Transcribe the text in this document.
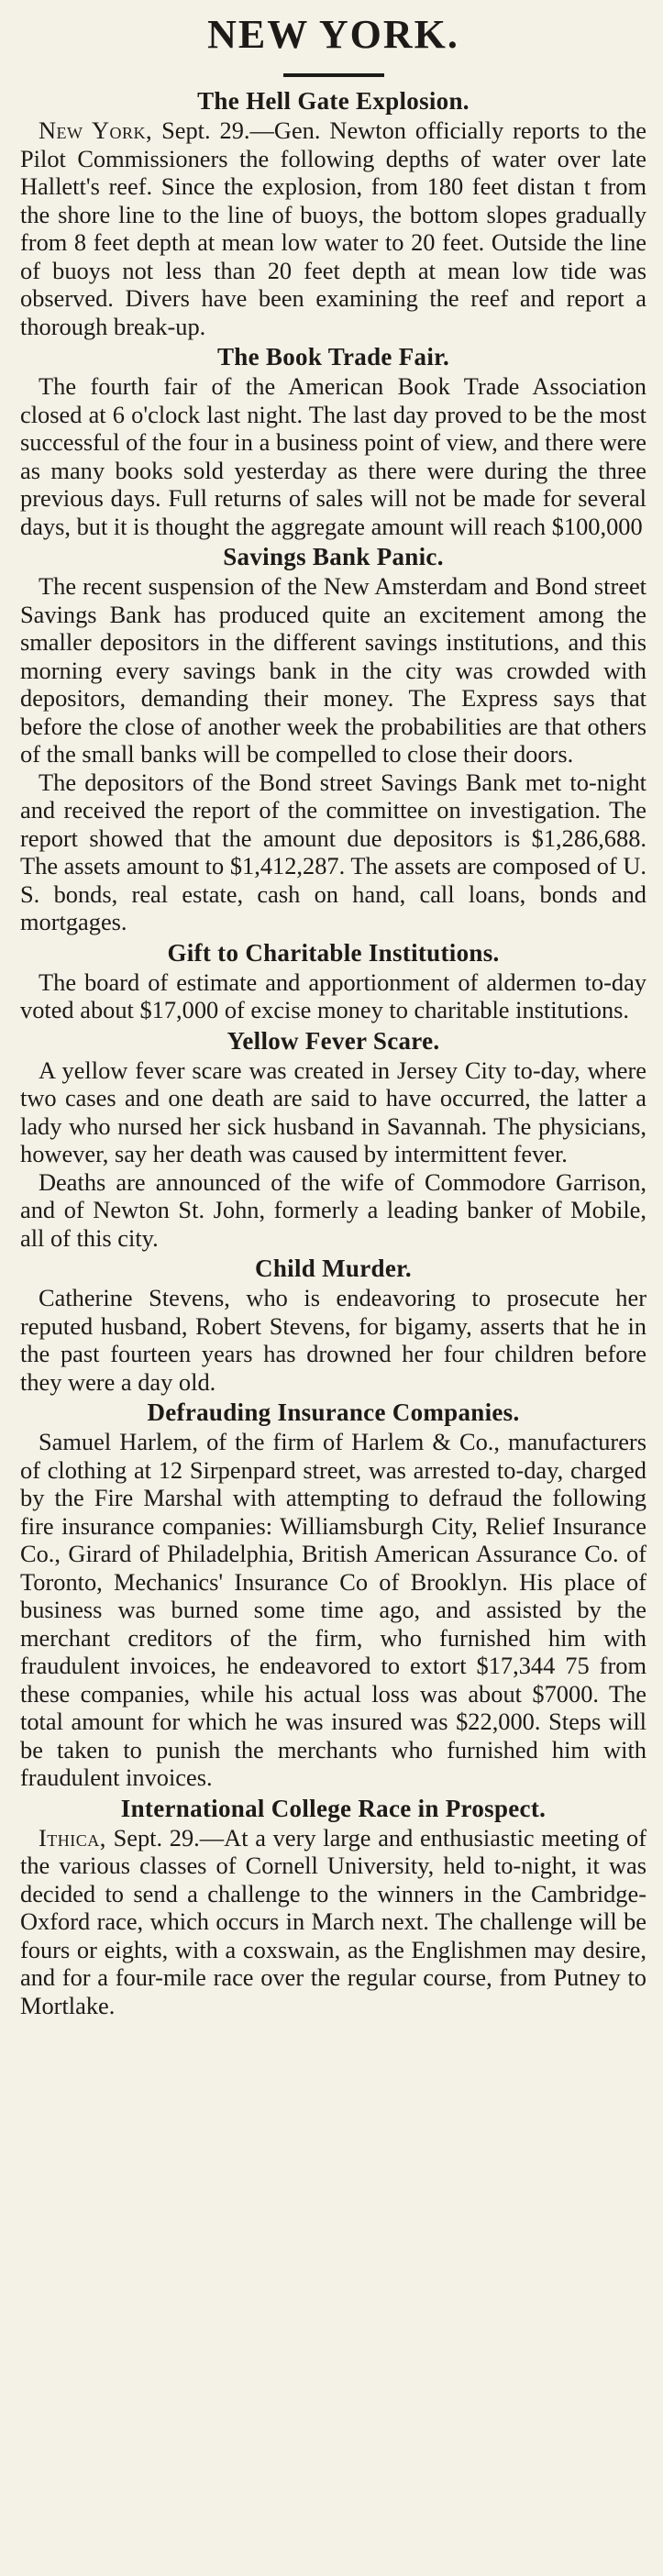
NEW YORK.
The Hell Gate Explosion.

New York, Sept. 29.—Gen. Newton officially reports to the Pilot Commissioners the following depths of water over late Hallett's reef. Since the explosion, from 180 feet distan t from the shore line to the line of buoys, the bottom slopes gradually from 8 feet depth at mean low water to 20 feet. Outside the line of buoys not less than 20 feet depth at mean low tide was observed. Divers have been examining the reef and report a thorough break-up.

The Book Trade Fair.

The fourth fair of the American Book Trade Association closed at 6 o'clock last night. The last day proved to be the most successful of the four in a business point of view, and there were as many books sold yesterday as there were during the three previous days. Full returns of sales will not be made for several days, but it is thought the aggregate amount will reach $100,000

Savings Bank Panic.

The recent suspension of the New Amsterdam and Bond street Savings Bank has produced quite an excitement among the smaller depositors in the different savings institutions, and this morning every savings bank in the city was crowded with depositors, demanding their money. The Express says that before the close of another week the probabilities are that others of the small banks will be compelled to close their doors.

The depositors of the Bond street Savings Bank met to-night and received the report of the committee on investigation. The report showed that the amount due depositors is $1,286,688. The assets amount to $1,412,287. The assets are composed of U. S. bonds, real estate, cash on hand, call loans, bonds and mortgages.

Gift to Charitable Institutions.

The board of estimate and apportionment of aldermen to-day voted about $17,000 of excise money to charitable institutions.

Yellow Fever Scare.

A yellow fever scare was created in Jersey City to-day, where two cases and one death are said to have occurred, the latter a lady who nursed her sick husband in Savannah. The physicians, however, say her death was caused by intermittent fever.

Deaths are announced of the wife of Commodore Garrison, and of Newton St. John, formerly a leading banker of Mobile, all of this city.

Child Murder.

Catherine Stevens, who is endeavoring to prosecute her reputed husband, Robert Stevens, for bigamy, asserts that he in the past fourteen years has drowned her four children before they were a day old.

Defrauding Insurance Companies.

Samuel Harlem, of the firm of Harlem & Co., manufacturers of clothing at 12 Sirpenpard street, was arrested to-day, charged by the Fire Marshal with attempting to defraud the following fire insurance companies: Williamsburgh City, Relief Insurance Co., Girard of Philadelphia, British American Assurance Co. of Toronto, Mechanics' Insurance Co of Brooklyn. His place of business was burned some time ago, and assisted by the merchant creditors of the firm, who furnished him with fraudulent invoices, he endeavored to extort $17,344 75 from these companies, while his actual loss was about $7000. The total amount for which he was insured was $22,000. Steps will be taken to punish the merchants who furnished him with fraudulent invoices.

International College Race in Prospect.

Ithica, Sept. 29.—At a very large and enthusiastic meeting of the various classes of Cornell University, held to-night, it was decided to send a challenge to the winners in the Cambridge-Oxford race, which occurs in March next. The challenge will be fours or eights, with a coxswain, as the Englishmen may desire, and for a four-mile race over the regular course, from Putney to Mortlake.
